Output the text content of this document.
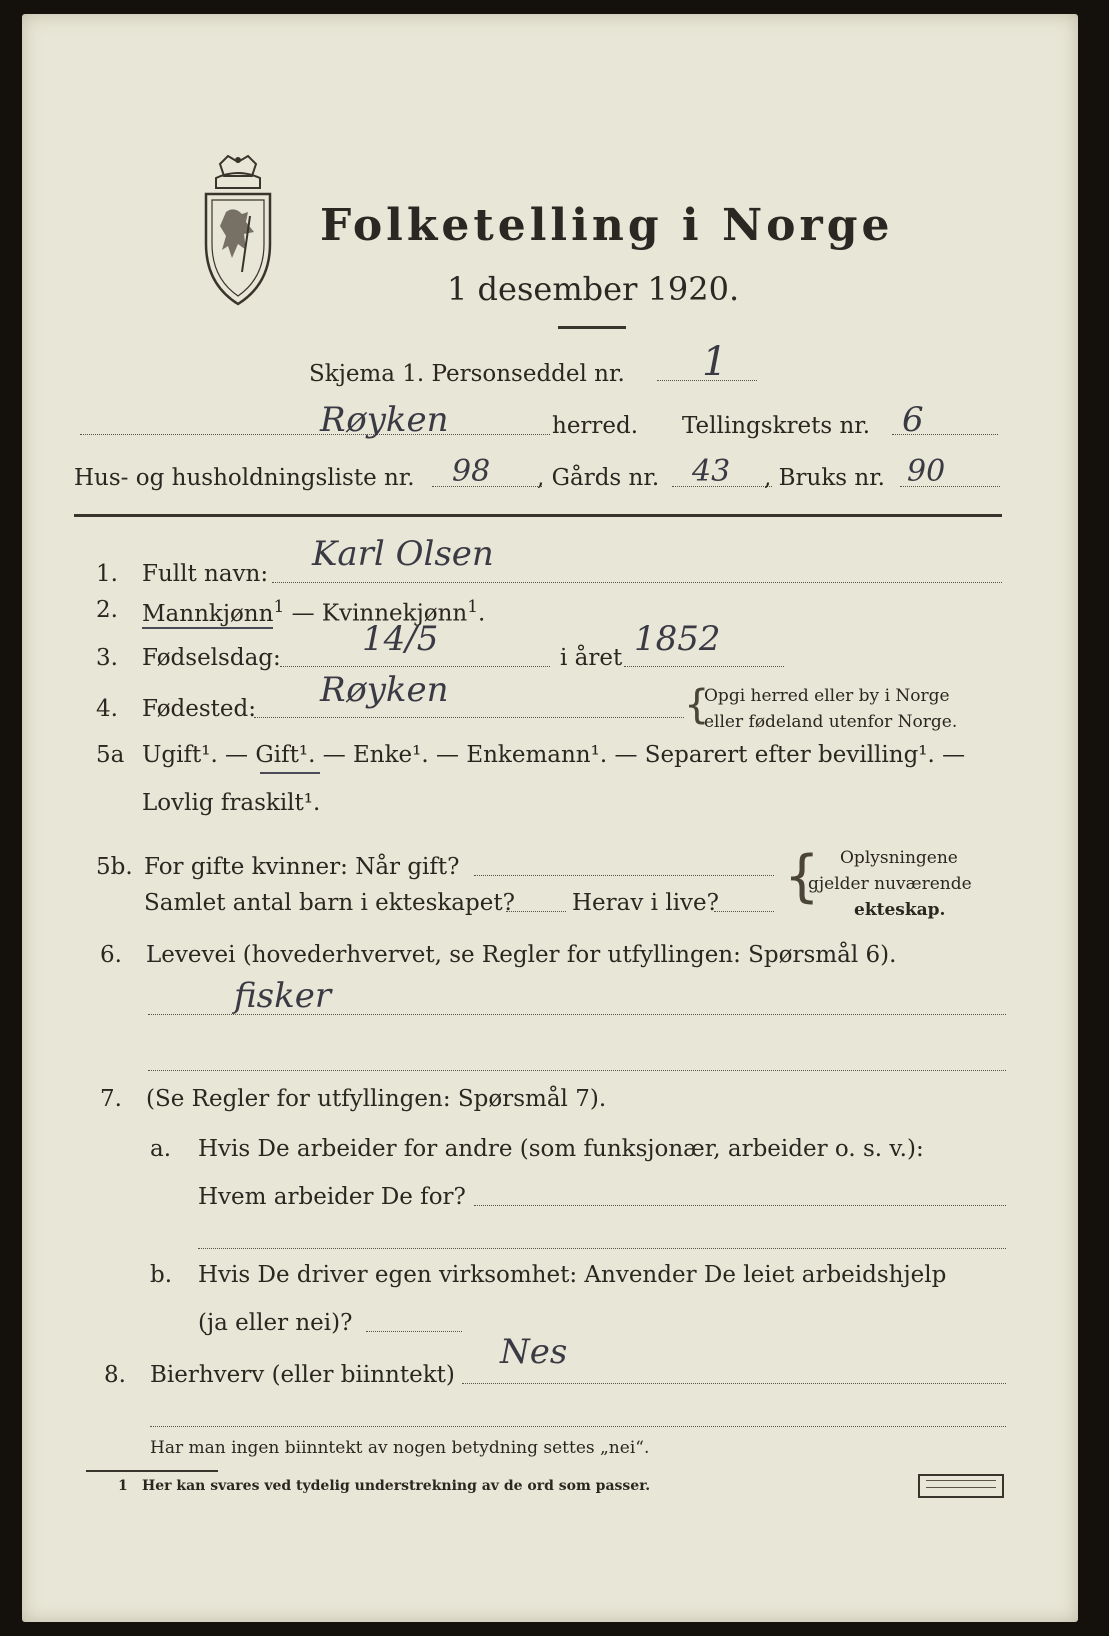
Folketelling i Norge
1 desember 1920.
Skjema 1. Personseddel nr. 1
Røyken	herred. Tellingskrets nr. 6
Hus- og husholdningsliste nr. 98 , Gårds nr. 43 , Bruks nr. 90
1. Fullt navn: Karl Olsen
2. Mannkjønn$^1$ — Kvinnekjønn$^1$.
3. Fødselsdag: 14/5	i året 1852
4. Fødested: Røyken	{
Opgi herred eller by i Norge
eller fødeland utenfor Norge.
5a Ugift¹. — Gift¹. — Enke¹. — Enkemann¹. — Separert efter bevilling¹. —
Lovlig fraskilt¹.
5b. For gifte kvinner: Når gift?
Samlet antal barn i ekteskapet? Herav i live? { Oplysningene
gjelder nuværende
ekteskap.
6. Levevei (hovederhvervet, se Regler for utfyllingen: Spørsmål 6).
fisker
7. (Se Regler for utfyllingen: Spørsmål 7).
a. Hvis De arbeider for andre (som funksjonær, arbeider o. s. v.):
Hvem arbeider De for?
b. Hvis De driver egen virksomhet: Anvender De leiet arbeidshjelp
(ja eller nei)?
8. Bierhverv (eller biinntekt)
Nes
Har man ingen biinntekt av nogen betydning settes „nei“.
1 Her kan svares ved tydelig understrekning av de ord som passer.
